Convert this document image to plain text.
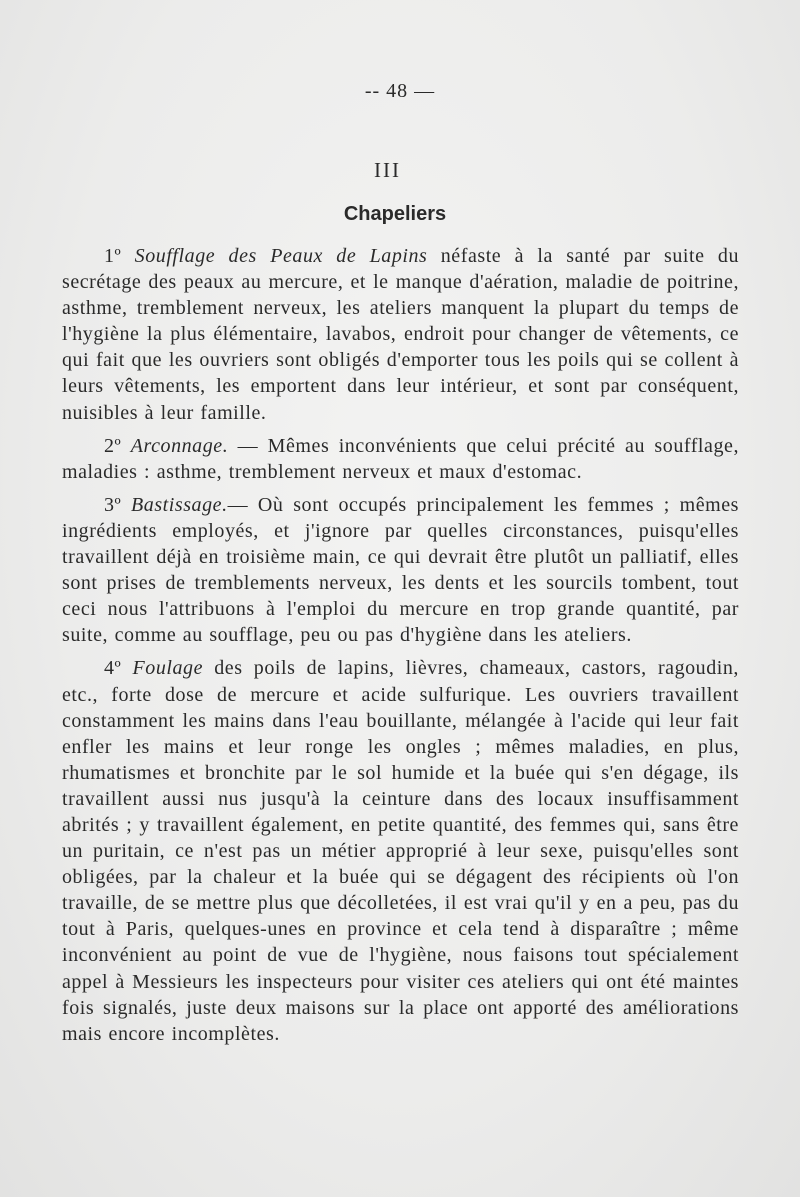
-- 48 —
III
Chapeliers

1º Soufflage des Peaux de Lapins néfaste à la santé par suite du secrétage des peaux au mercure, et le manque d'aération, maladie de poitrine, asthme, tremblement nerveux, les ateliers manquent la plupart du temps de l'hygiène la plus élémentaire, lavabos, endroit pour changer de vêtements, ce qui fait que les ouvriers sont obligés d'emporter tous les poils qui se collent à leurs vêtements, les emportent dans leur intérieur, et sont par conséquent, nuisibles à leur famille.

2º Arconnage. — Mêmes inconvénients que celui précité au soufflage, maladies : asthme, tremblement nerveux et maux d'estomac.

3º Bastissage.— Où sont occupés principalement les femmes ; mêmes ingrédients employés, et j'ignore par quelles circonstances, puisqu'elles travaillent déjà en troisième main, ce qui devrait être plutôt un palliatif, elles sont prises de tremblements nerveux, les dents et les sourcils tombent, tout ceci nous l'attribuons à l'emploi du mercure en trop grande quantité, par suite, comme au soufflage, peu ou pas d'hygiène dans les ateliers.

4º Foulage des poils de lapins, lièvres, chameaux, castors, ragoudin, etc., forte dose de mercure et acide sulfurique. Les ouvriers travaillent constamment les mains dans l'eau bouillante, mélangée à l'acide qui leur fait enfler les mains et leur ronge les ongles ; mêmes maladies, en plus, rhumatismes et bronchite par le sol humide et la buée qui s'en dégage, ils travaillent aussi nus jusqu'à la ceinture dans des locaux insuffisamment abrités ; y travaillent également, en petite quantité, des femmes qui, sans être un puritain, ce n'est pas un métier approprié à leur sexe, puisqu'elles sont obligées, par la chaleur et la buée qui se dégagent des récipients où l'on travaille, de se mettre plus que décolletées, il est vrai qu'il y en a peu, pas du tout à Paris, quelques-unes en province et cela tend à disparaître ; même inconvénient au point de vue de l'hygiène, nous faisons tout spécialement appel à Messieurs les inspecteurs pour visiter ces ateliers qui ont été maintes fois signalés, juste deux maisons sur la place ont apporté des améliorations mais encore incomplètes.
